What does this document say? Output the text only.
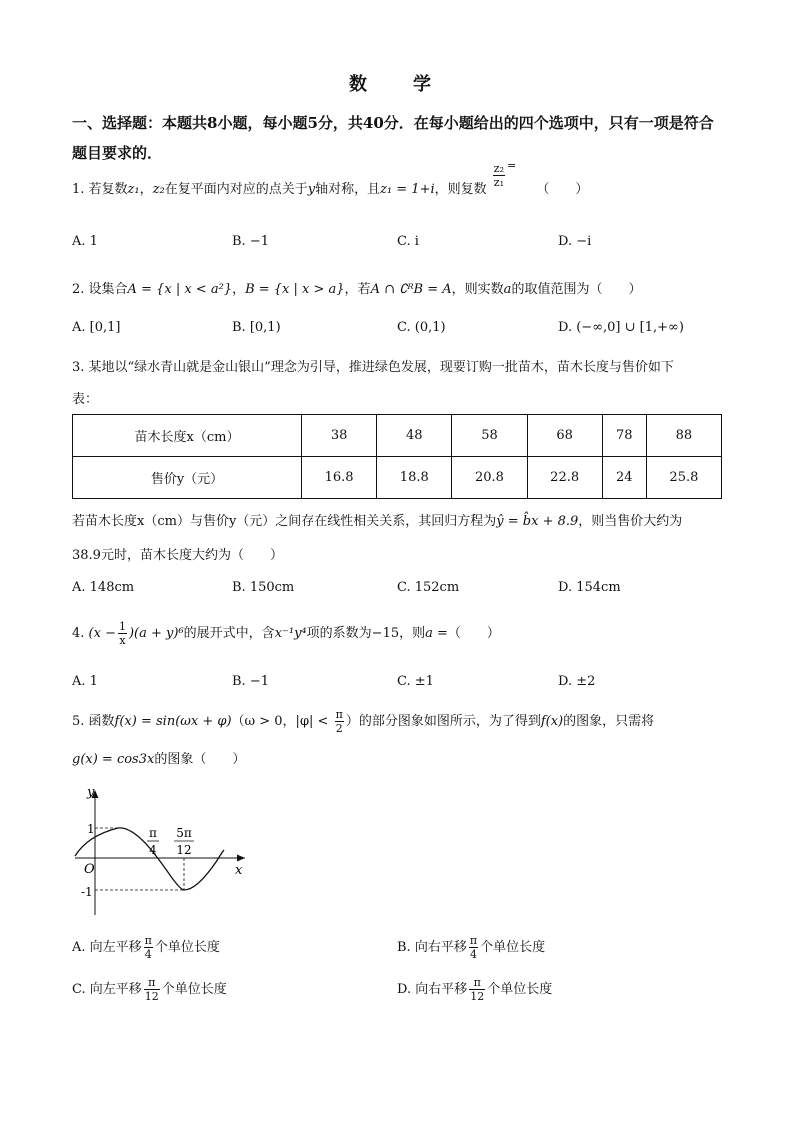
数　学
一、选择题：本题共8小题，每小题5分，共40分．在每小题给出的四个选项中，只有一项是符合题目要求的．
1. 若复数z₁，z₂在复平面内对应的点关于y轴对称，且z₁ = 1+i，则复数
$\frac{\text{z₂}}{\text{z₁}} ^=$ （　　）
A. 1	B. −1	C. i	D. −i
2. 设集合A = {x | x < a²}，B = {x | x > a}，若A ∩ ∁ᴿB = A，则实数a的取值范围为（　　）
A. [0,1]	B. [0,1)	C. (0,1)	D. (−∞,0] ∪ [1,+∞)
3. 某地以“绿水青山就是金山银山”理念为引导，推进绿色发展，现要订购一批苗木，苗木长度与售价如下
表：
苗木长度x（cm）	38	48	58	68	78	88
售价y（元）	16.8	18.8	20.8	22.8	24	25.8
若苗木长度x（cm）与售价y（元）之间存在线性相关关系，其回归方程为ŷ = b̂x + 8.9，则当售价大约为
38.9元时，苗木长度大约为（　　）
A. 148cm	B. 150cm	C. 152cm	D. 154cm
4. $(x - \frac{1}{x} )(a + y)^6$的展开式中，含x⁻¹y⁴项的系数为−15，则a =（　　）
A. 1	B. −1	C. ±1	D. ±2
5. 函数f(x) = sin(ωx + φ)（ω > 0，$|\varphi| < \frac{\pi}{2}$ ）的部分图象如图所示，为了得到f(x)的图象，只需将
g(x) = cos3x的图象（　　）
y
x
O
1
-1
π
4
5π
12
A. 向左平移 $\frac{\pi}{4}$ 个单位长度	B. 向右平移 $\frac{\pi}{4}$ 个单位长度
C. 向左平移 $\frac{\pi}{12}$ 个单位长度	D. 向右平移 $\frac{\pi}{12}$ 个单位长度
